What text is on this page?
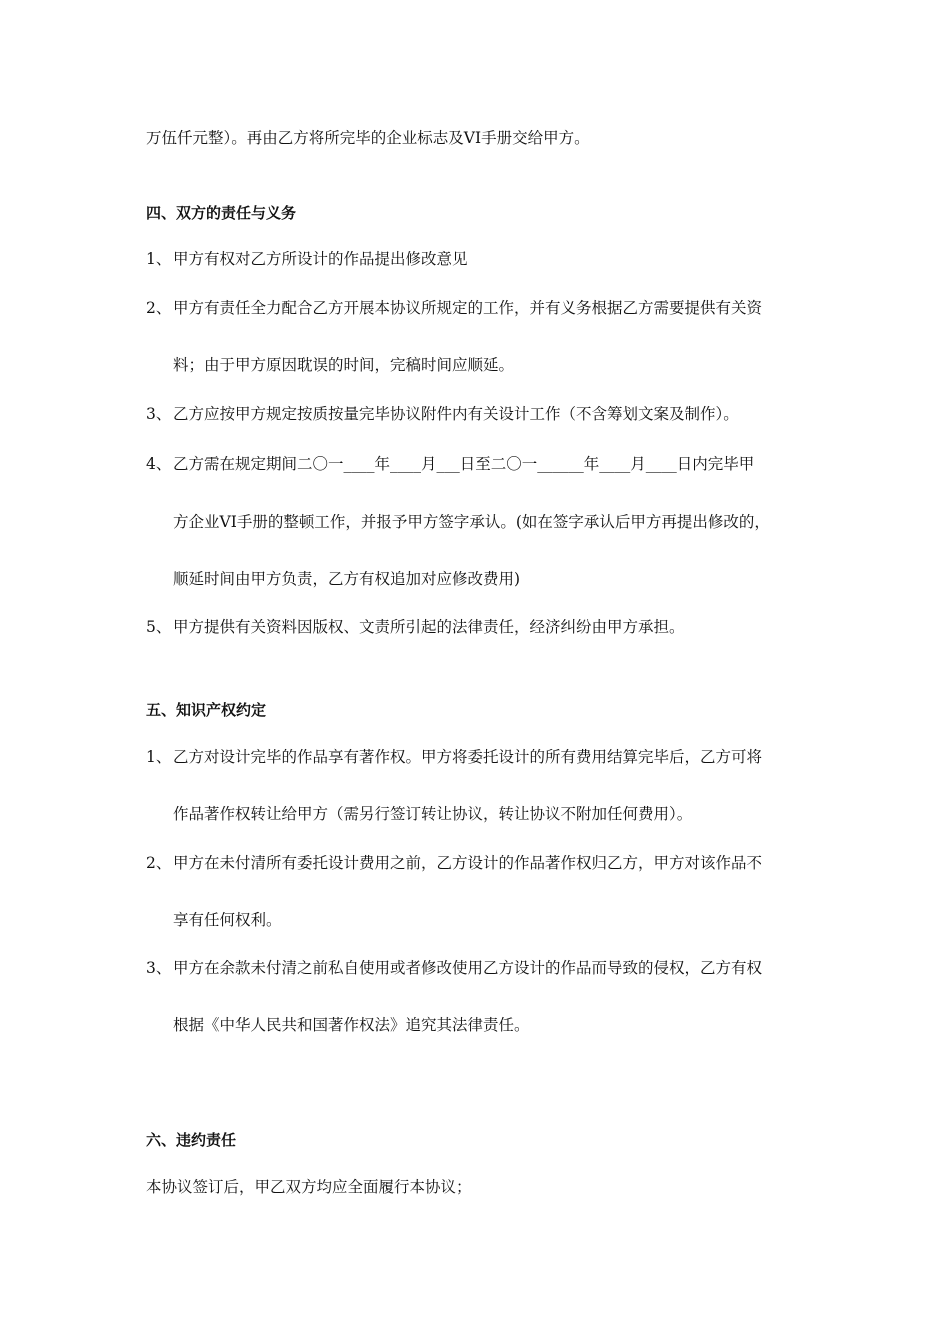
万伍仟元整）。再由乙方将所完毕的企业标志及VI手册交给甲方。
四、双方的责任与义务
1、 甲方有权对乙方所设计的作品提出修改意见
2、 甲方有责任全力配合乙方开展本协议所规定的工作，并有义务根据乙方需要提供有关资
料；由于甲方原因耽误的时间，完稿时间应顺延。
3、 乙方应按甲方规定按质按量完毕协议附件内有关设计工作（不含筹划文案及制作）。
4、 乙方需在规定期间二〇一____年____月___日至二〇一______年____月____日内完毕甲
方企业VI手册的整顿工作，并报予甲方签字承认。(如在签字承认后甲方再提出修改的，
顺延时间由甲方负责，乙方有权追加对应修改费用)
5、 甲方提供有关资料因版权、文责所引起的法律责任，经济纠纷由甲方承担。
五、知识产权约定
1、 乙方对设计完毕的作品享有著作权。甲方将委托设计的所有费用结算完毕后，乙方可将
作品著作权转让给甲方（需另行签订转让协议，转让协议不附加任何费用）。
2、 甲方在未付清所有委托设计费用之前，乙方设计的作品著作权归乙方，甲方对该作品不
享有任何权利。
3、 甲方在余款未付清之前私自使用或者修改使用乙方设计的作品而导致的侵权，乙方有权
根据《中华人民共和国著作权法》追究其法律责任。
六、违约责任
本协议签订后，甲乙双方均应全面履行本协议；
